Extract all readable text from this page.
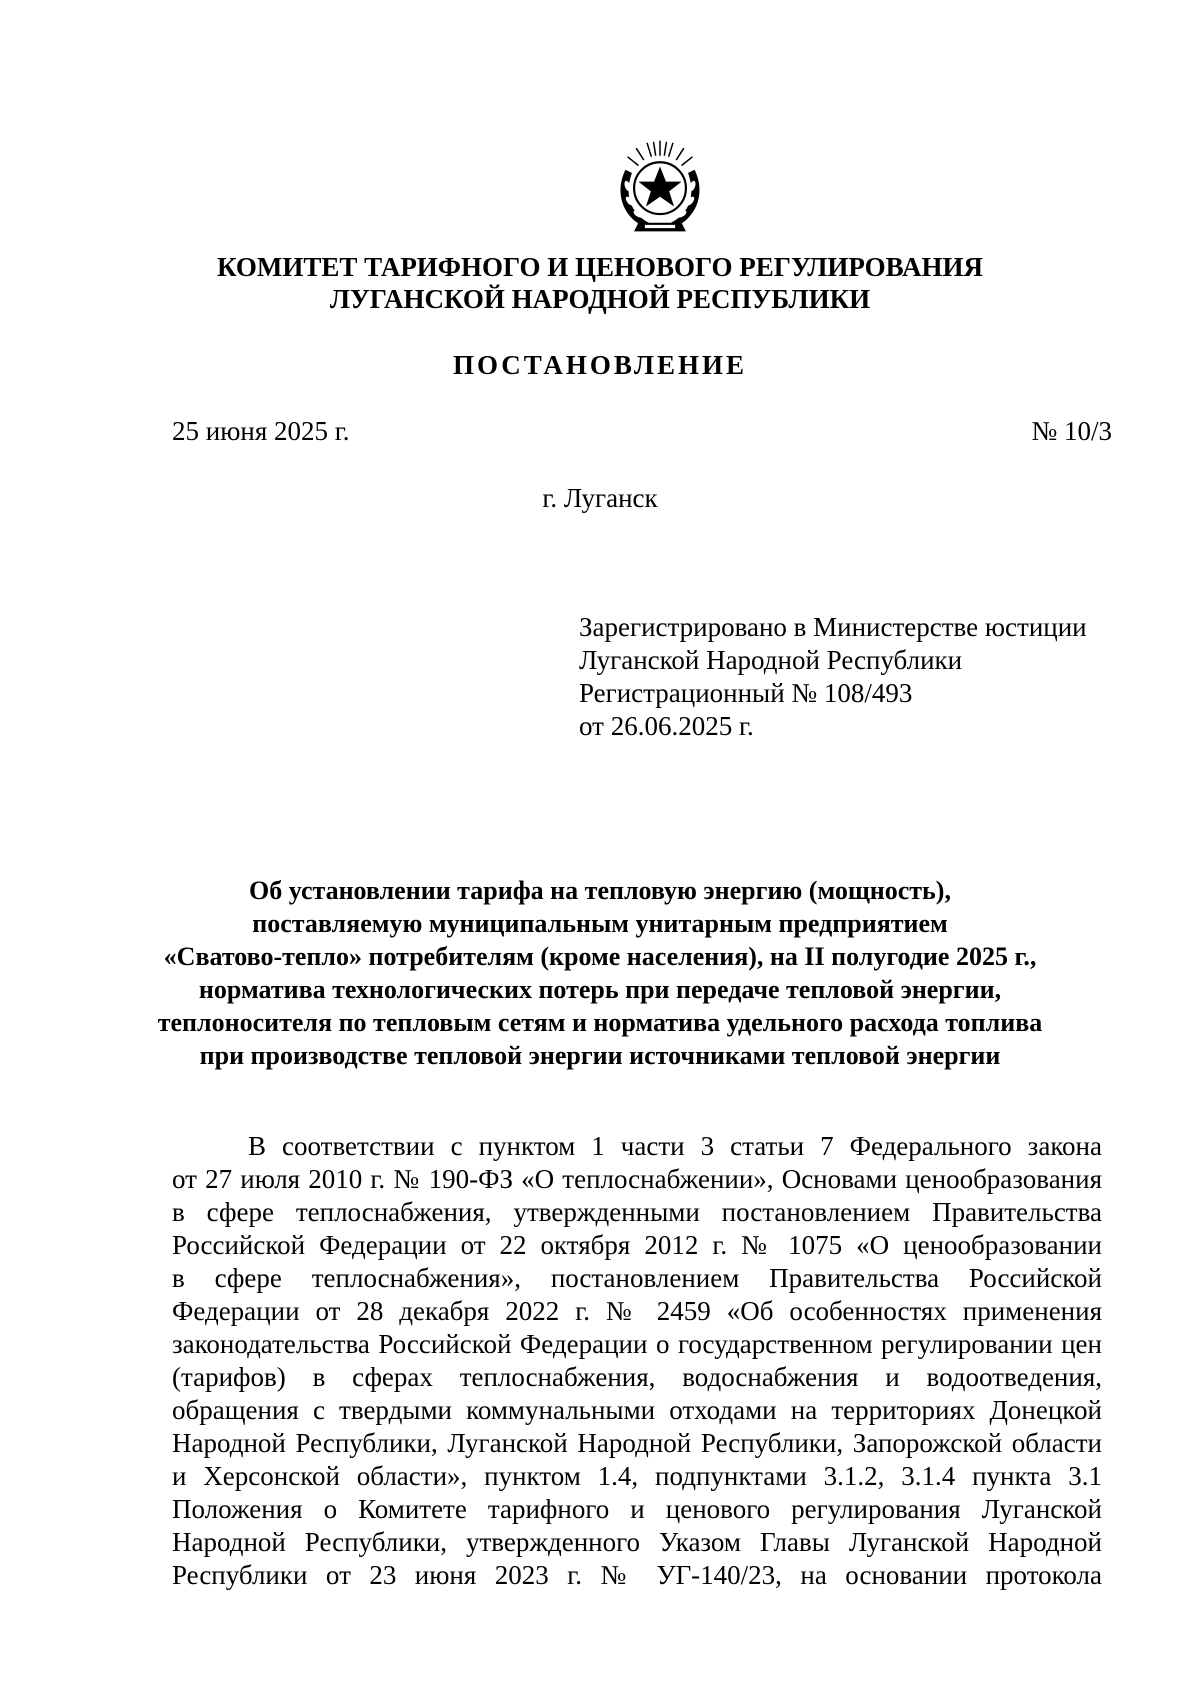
КОМИТЕТ ТАРИФНОГО И ЦЕНОВОГО РЕГУЛИРОВАНИЯ
ЛУГАНСКОЙ НАРОДНОЙ РЕСПУБЛИКИ
ПОСТАНОВЛЕНИЕ
25 июня 2025 г.	№ 10/3
г. Луганск
Зарегистрировано в Министерстве юстиции
Луганской Народной Республики
Регистрационный № 108/493
от 26.06.2025 г.
Об установлении тарифа на тепловую энергию (мощность),
поставляемую муниципальным унитарным предприятием
«Сватово-тепло» потребителям (кроме населения), на II полугодие 2025 г.,
норматива технологических потерь при передаче тепловой энергии,
теплоносителя по тепловым сетям и норматива удельного расхода топлива
при производстве тепловой энергии источниками тепловой энергии
В соответствии с пунктом 1 части 3 статьи 7 Федерального закона
от 27 июля 2010 г. № 190-ФЗ «О теплоснабжении», Основами ценообразования
в сфере теплоснабжения, утвержденными постановлением Правительства
Российской Федерации от 22 октября 2012 г. № 1075 «О ценообразовании
в сфере теплоснабжения», постановлением Правительства Российской
Федерации от 28 декабря 2022 г. № 2459 «Об особенностях применения
законодательства Российской Федерации о государственном регулировании цен
(тарифов) в сферах теплоснабжения, водоснабжения и водоотведения,
обращения с твердыми коммунальными отходами на территориях Донецкой
Народной Республики, Луганской Народной Республики, Запорожской области
и Херсонской области», пунктом 1.4, подпунктами 3.1.2, 3.1.4 пункта 3.1
Положения о Комитете тарифного и ценового регулирования Луганской
Народной Республики, утвержденного Указом Главы Луганской Народной
Республики от 23 июня 2023 г. № УГ-140/23, на основании протокола
